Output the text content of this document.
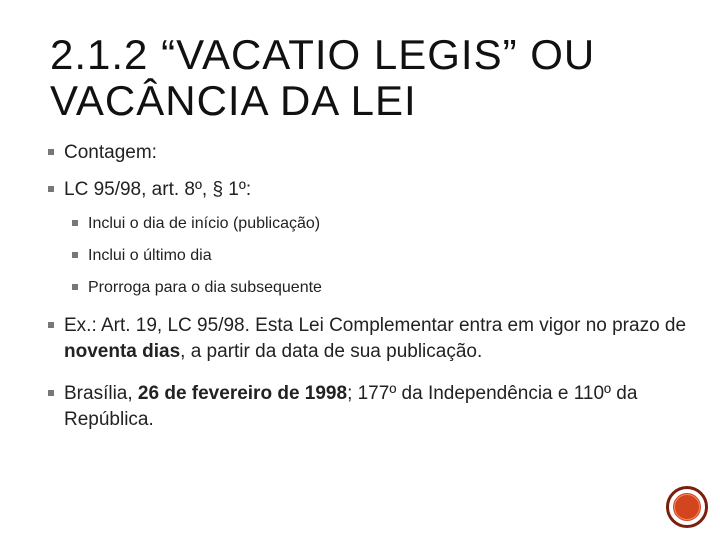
2.1.2 “VACATIO LEGIS” OU
VACÂNCIA DA LEI
Contagem:
LC 95/98, art. 8º, § 1º:
Inclui o dia de início (publicação)
Inclui o último dia
Prorroga para o dia subsequente
Ex.: Art. 19, LC 95/98. Esta Lei Complementar entra em vigor no prazo de noventa dias, a partir da data de sua publicação.
Brasília, 26 de fevereiro de 1998; 177º da Independência e 110º da República.
